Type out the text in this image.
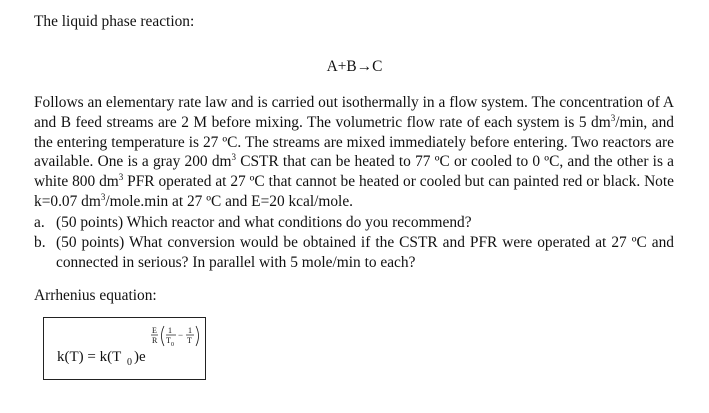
The liquid phase reaction:
A+B→C
Follows an elementary rate law and is carried out isothermally in a flow system. The concentration of A and B feed streams are 2 M before mixing. The volumetric flow rate of each system is 5 $dm^3/\min$, and the entering temperature is 27 ºC. The streams are mixed immediately before entering. Two reactors are available. One is a gray 200 $dm^3$ CSTR that can be heated to 77 ºC or cooled to 0 ºC, and the other is a white 800 $dm^3$ PFR operated at 27 ºC that cannot be heated or cooled but can painted red or black. Note k=0.07 $dm^3/mole.\min$ at 27 ºC and E=20 kcal/mole.
a. (50 points) Which reactor and what conditions do you recommend?
b. (50 points) What conversion would be obtained if the CSTR and PFR were operated at 27 ºC and connected in serious? In parallel with 5 mole/min to each?
Arrhenius equation:
k(T) = k(T 0 )e
E
R
1
T 0
− 1
T
